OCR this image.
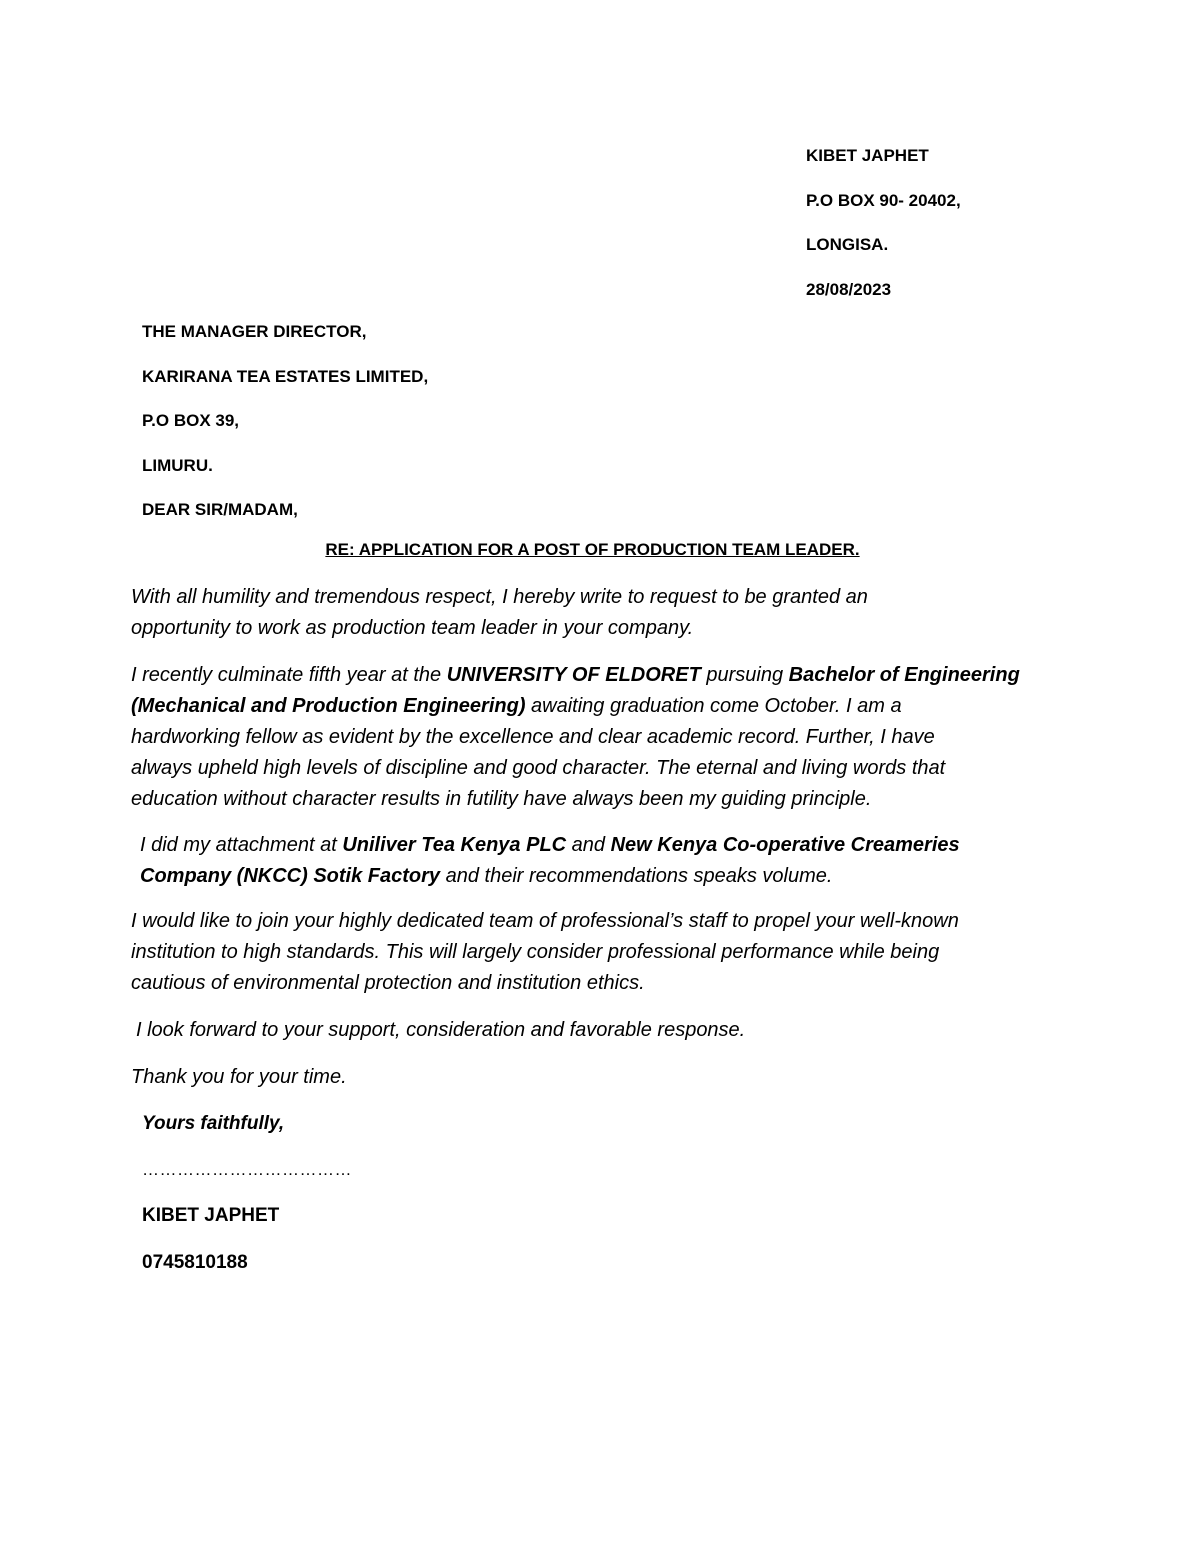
KIBET JAPHET
P.O BOX 90- 20402,
LONGISA.
28/08/2023
THE MANAGER DIRECTOR,
KARIRANA TEA ESTATES LIMITED,
P.O BOX 39,
LIMURU.
DEAR SIR/MADAM,
RE: APPLICATION FOR A POST OF PRODUCTION TEAM LEADER.

With all humility and tremendous respect, I hereby write to request to be granted an
opportunity to work as production team leader in your company.

I recently culminate fifth year at the UNIVERSITY OF ELDORET pursuing Bachelor of Engineering
(Mechanical and Production Engineering) awaiting graduation come October. I am a
hardworking fellow as evident by the excellence and clear academic record. Further, I have
always upheld high levels of discipline and good character. The eternal and living words that
education without character results in futility have always been my guiding principle.

I did my attachment at Uniliver Tea Kenya PLC and New Kenya Co-operative Creameries
Company (NKCC) Sotik Factory and their recommendations speaks volume.

I would like to join your highly dedicated team of professional’s staff to propel your well-known
institution to high standards. This will largely consider professional performance while being
cautious of environmental protection and institution ethics.

I look forward to your support, consideration and favorable response.

Thank you for your time.

Yours faithfully,
………………………………
KIBET JAPHET
0745810188
